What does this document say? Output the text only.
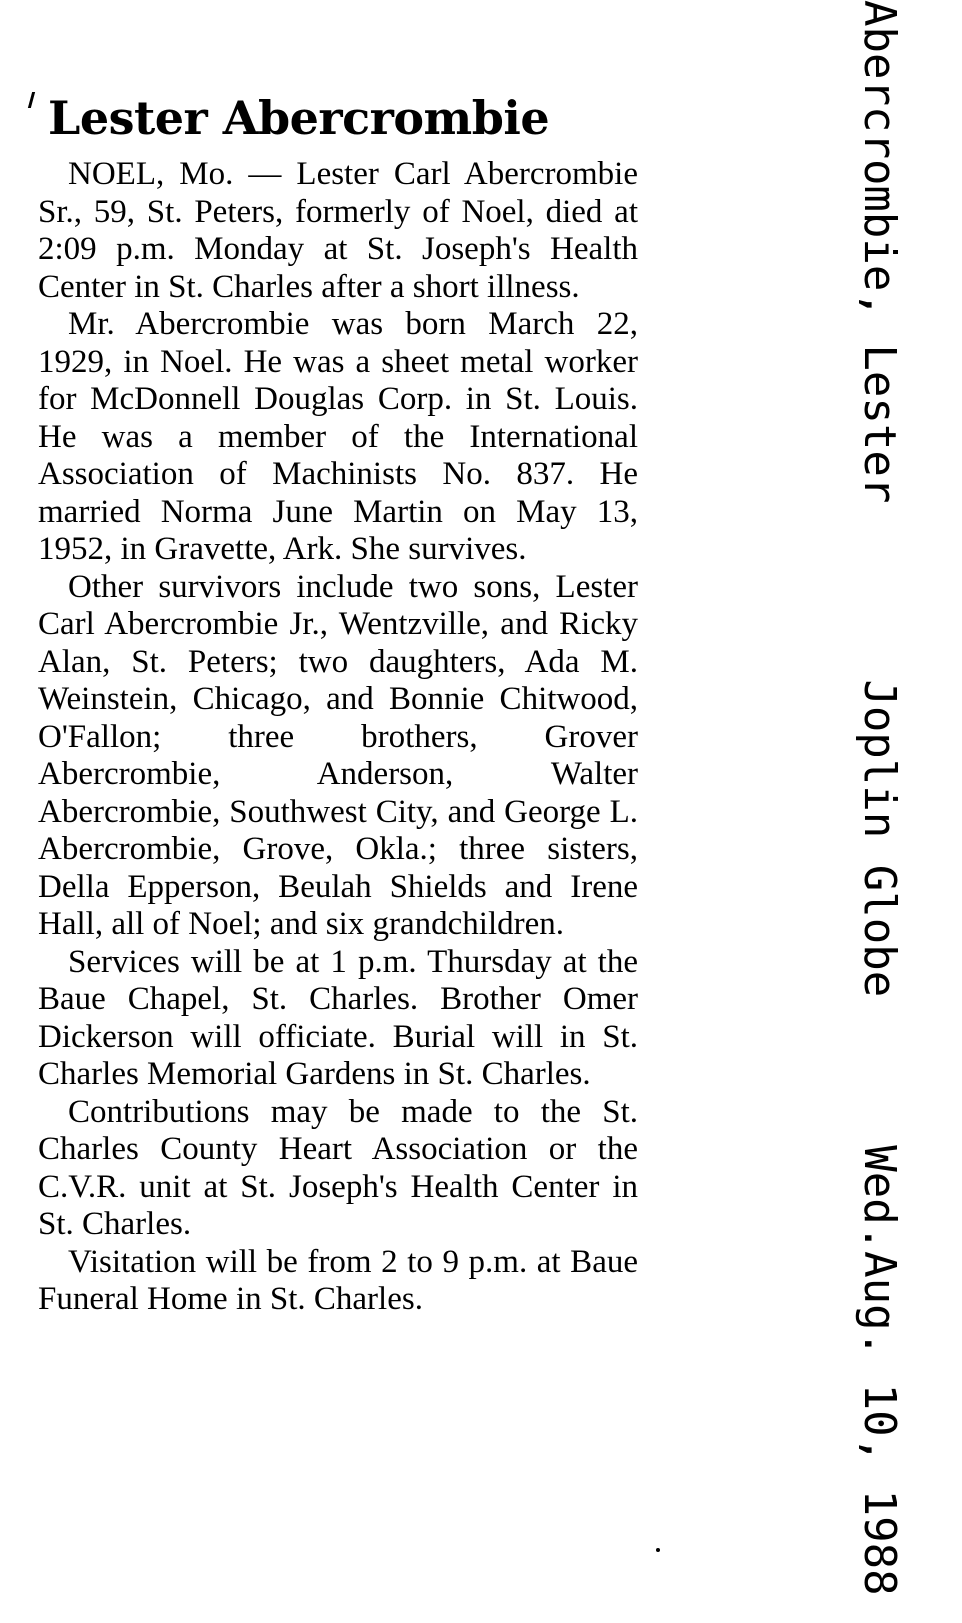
Lester Abercrombie

NOEL, Mo. — Lester Carl Abercrombie Sr., 59, St. Peters, formerly of Noel, died at 2:09 p.m. Monday at St. Joseph's Health Center in St. Charles after a short illness.

Mr. Abercrombie was born March 22, 1929, in Noel. He was a sheet metal worker for McDonnell Douglas Corp. in St. Louis. He was a member of the International Association of Machinists No. 837. He married Norma June Martin on May 13, 1952, in Gravette, Ark. She survives.

Other survivors include two sons, Lester Carl Abercrombie Jr., Wentzville, and Ricky Alan, St. Peters; two daughters, Ada M. Weinstein, Chicago, and Bonnie Chitwood, O'Fallon; three brothers, Grover Abercrombie, Anderson, Walter Abercrombie, Southwest City, and George L. Abercrombie, Grove, Okla.; three sisters, Della Epperson, Beulah Shields and Irene Hall, all of Noel; and six grandchildren.

Services will be at 1 p.m. Thursday at the Baue Chapel, St. Charles. Brother Omer Dickerson will officiate. Burial will in St. Charles Memorial Gardens in St. Charles.

Contributions may be made to the St. Charles County Heart Association or the C.V.R. unit at St. Joseph's Health Center in St. Charles.

Visitation will be from 2 to 9 p.m. at Baue Funeral Home in St. Charles.

Abercrombie, LesterJoplin GlobeWed.Aug. 10, 1988
